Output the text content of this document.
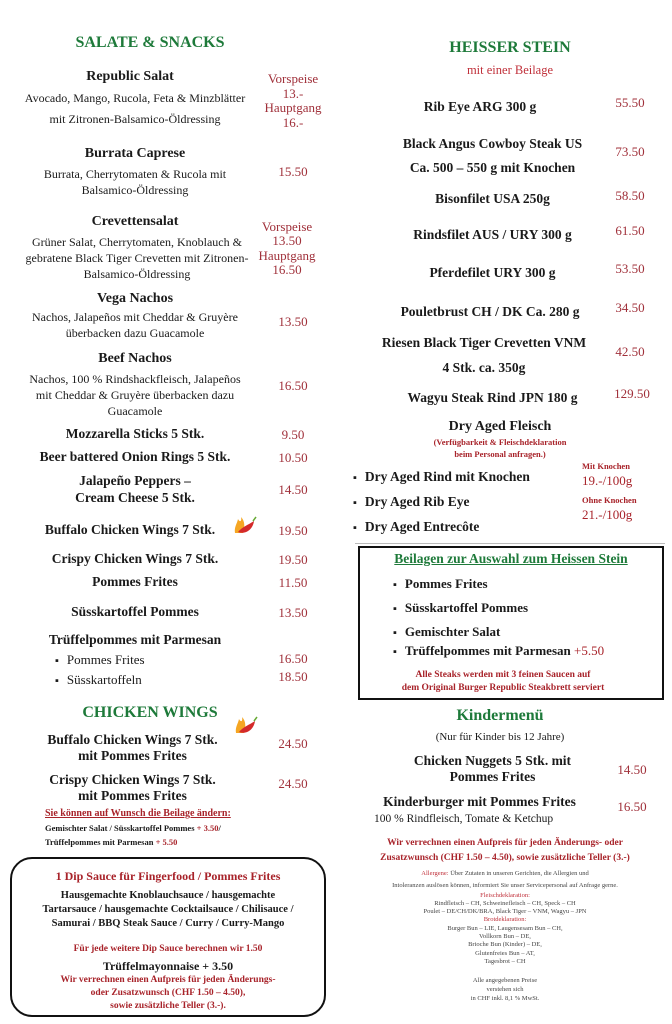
SALATE & SNACKS
Republic Salat
Avocado, Mango, Rucola, Feta & Minzblätter
mit Zitronen-Balsamico-Öldressing
Vorspeise
13.-
Hauptgang
16.-
Burrata Caprese
Burrata, Cherrytomaten & Rucola mit
Balsamico-Öldressing
15.50
Crevettensalat
Grüner Salat, Cherrytomaten, Knoblauch &
gebratene Black Tiger Crevetten mit Zitronen-
Balsamico-Öldressing
Vorspeise
13.50
Hauptgang
16.50
Vega Nachos
Nachos, Jalapeños mit Cheddar & Gruyère
überbacken dazu Guacamole
13.50
Beef Nachos
Nachos, 100 % Rindshackfleisch, Jalapeños
mit Cheddar & Gruyère überbacken dazu
Guacamole
16.50
Mozzarella Sticks 5 Stk.	9.50
Beer battered Onion Rings 5 Stk.	10.50
Jalapeño Peppers –
Cream Cheese 5 Stk.
14.50
Buffalo Chicken Wings 7 Stk.	19.50
Crispy Chicken Wings 7 Stk.	19.50
Pommes Frites	11.50
Süsskartoffel Pommes	13.50
Trüffelpommes mit Parmesan
▪ Pommes Frites	16.50
▪ Süsskartoffeln	18.50
CHICKEN WINGS
Buffalo Chicken Wings 7 Stk.
mit Pommes Frites
24.50
Crispy Chicken Wings 7 Stk.
mit Pommes Frites
24.50
Sie können auf Wunsch die Beilage ändern:
Gemischter Salat / Süsskartoffel Pommes + 3.50/
Trüffelpommes mit Parmesan + 5.50
1 Dip Sauce für Fingerfood / Pommes Frites
Hausgemachte Knoblauchsauce / hausgemachte
Tartarsauce / hausgemachte Cocktailsauce / Chilisauce /
Samurai / BBQ Steak Sauce / Curry / Curry-Mango
Für jede weitere Dip Sauce berechnen wir 1.50
Trüffelmayonnaise + 3.50
Wir verrechnen einen Aufpreis für jeden Änderungs-
oder Zusatzwunsch (CHF 1.50 – 4.50),
sowie zusätzliche Teller (3.-).
HEISSER STEIN
mit einer Beilage
Rib Eye ARG 300 g	55.50
Black Angus Cowboy Steak US
Ca. 500 – 550 g mit Knochen
73.50
Bisonfilet USA 250g	58.50
Rindsfilet AUS / URY 300 g	61.50
Pferdefilet URY 300 g	53.50
Pouletbrust CH / DK Ca. 280 g	34.50
Riesen Black Tiger Crevetten VNM
4 Stk. ca. 350g
42.50
Wagyu Steak Rind JPN 180 g	129.50
Dry Aged Fleisch
(Verfügbarkeit & Fleischdeklaration
beim Personal anfragen.)
▪ Dry Aged Rind mit Knochen
▪ Dry Aged Rib Eye
▪ Dry Aged Entrecôte
Mit Knochen
19.-/100g
Ohne Knochen
21.-/100g
Beilagen zur Auswahl zum Heissen Stein
▪ Pommes Frites
▪ Süsskartoffel Pommes
▪ Gemischter Salat
▪ Trüffelpommes mit Parmesan +5.50
Alle Steaks werden mit 3 feinen Saucen auf
dem Original Burger Republic Steakbrett serviert
Kindermenü
(Nur für Kinder bis 12 Jahre)
Chicken Nuggets 5 Stk. mit
Pommes Frites	14.50
Kinderburger mit Pommes Frites
100 % Rindfleisch, Tomate & Ketchup
16.50
Wir verrechnen einen Aufpreis für jeden Änderungs- oder
Zusatzwunsch (CHF 1.50 – 4.50), sowie zusätzliche Teller (3.-)
Allergene: Über Zutaten in unseren Gerichten, die Allergien und
Intoleranzen auslösen können, informiert Sie unser Servicepersonal auf Anfrage gerne.
Fleischdeklaration:
Rindfleisch – CH, Schweinefleisch – CH, Speck – CH
Poulet – DE/CH/DK/BRA, Black Tiger – VNM, Wagyu – JPN
Brotdeklaration:
Burger Bun – LIE, Laugensesam Bun – CH,
Vollkorn Bun – DE,
Brioche Bun (Kinder) – DE,
Glutenfreies Bun – AT,
Tagesbrot – CH
Alle angegebenen Preise
verstehen sich
in CHF inkl. 8,1 % MwSt.
